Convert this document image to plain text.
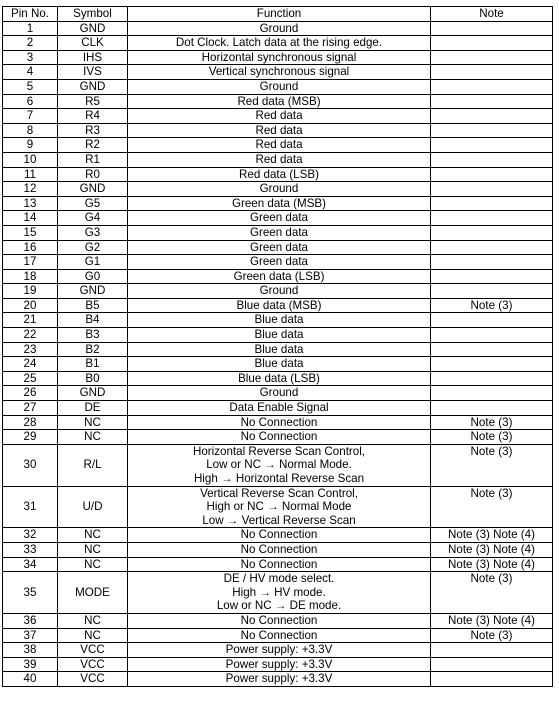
Pin No.	Symbol	Function	Note
1	GND	Ground	

2	CLK	Dot Clock. Latch data at the rising edge.	

3	IHS	Horizontal synchronous signal	

4	IVS	Vertical synchronous signal	

5	GND	Ground	

6	R5	Red data (MSB)	

7	R4	Red data	

8	R3	Red data	

9	R2	Red data	

10	R1	Red data	

11	R0	Red data (LSB)	

12	GND	Ground	

13	G5	Green data (MSB)	

14	G4	Green data	

15	G3	Green data	

16	G2	Green data	

17	G1	Green data	

18	G0	Green data (LSB)	

19	GND	Ground	

20	B5	Blue data (MSB)	Note (3)
21	B4	Blue data	

22	B3	Blue data	

23	B2	Blue data	

24	B1	Blue data	

25	B0	Blue data (LSB)	

26	GND	Ground	

27	DE	Data Enable Signal	

28	NC	No Connection	Note (3)
29	NC	No Connection	Note (3)
30	R/L	Horizontal Reverse Scan Control,
Low or NC → Normal Mode.
High → Horizontal Reverse Scan	Note (3)
31	U/D	Vertical Reverse Scan Control,
High or NC → Normal Mode
Low → Vertical Reverse Scan	Note (3)
32	NC	No Connection	Note (3) Note (4)
33	NC	No Connection	Note (3) Note (4)
34	NC	No Connection	Note (3) Note (4)
35	MODE	DE / HV mode select.
High → HV mode.
Low or NC → DE mode.	Note (3)
36	NC	No Connection	Note (3) Note (4)
37	NC	No Connection	Note (3)
38	VCC	Power supply: +3.3V	

39	VCC	Power supply: +3.3V	

40	VCC	Power supply: +3.3V	
